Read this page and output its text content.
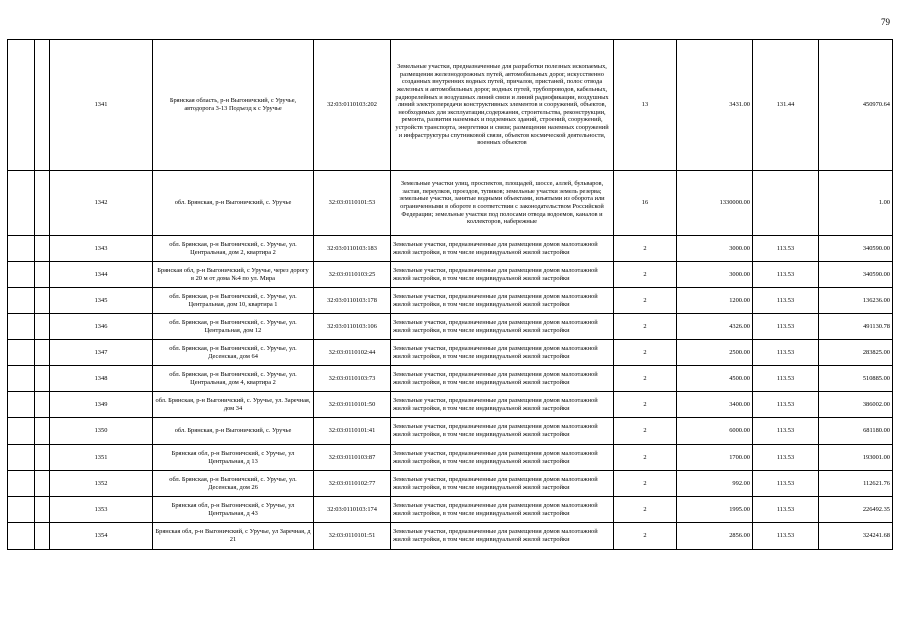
79
		1341	Брянская область, р-н Выгоничский, с Уручье, автодорога 3-13 Подъезд к с Уручье	32:03:0110103:202	Земельные участки, предназначенные для разработки полезных ископаемых, размещения железнодорожных путей, автомобильных дорог, искусственно созданных внутренних водных путей, причалов, пристаней, полос отвода железных и автомобильных дорог, водных путей, трубопроводов, кабельных, радиорелейных и воздушных линий связи и линий радиофикации, воздушных линий электропередачи конструктивных элементов и сооружений, объектов, необходимых для эксплуатации,содержания, строительства, реконструкции, ремонта, развития наземных и подземных зданий, строений, сооружений, устройств транспорта, энергетики и связи; размещения наземных сооружений и инфраструктуры спутниковой связи, объектов космической деятельности, военных объектов	13	3431.00	131.44	450970.64
		1342	обл. Брянская, р-н Выгоничский, с. Уручье	32:03:0110101:53	Земельные участки улиц, проспектов, площадей, шоссе, аллей, бульваров, застав, переулков, проездов, тупиков; земельные участки земель резерва; земельные участки, занятые водными объектами, изъятыми из оборота или ограниченными в обороте в соответствии с законодательством Российской Федерации; земельные участки под полосами отвода водоемов, каналов и коллекторов, набережные	16	1330000.00		1.00
		1343	обл. Брянская, р-н Выгоничский, с. Уручье, ул. Центральная, дом 2, квартира 2	32:03:0110103:183	Земельные участки, предназначенные для размещения домов малоэтажной жилой застройки, в том числе индивидуальной жилой застройки	2	3000.00	113.53	340590.00
		1344	Брянская обл, р-н Выгоничский, с Уручье, через дорогу в 20 м от дома №4 по ул. Мира	32:03:0110103:25	Земельные участки, предназначенные для размещения домов малоэтажной жилой застройки, в том числе индивидуальной жилой застройки	2	3000.00	113.53	340590.00
		1345	обл. Брянская, р-н Выгоничский, с. Уручье, ул. Центральная, дом 10, квартира 1	32:03:0110103:178	Земельные участки, предназначенные для размещения домов малоэтажной жилой застройки, в том числе индивидуальной жилой застройки	2	1200.00	113.53	136236.00
		1346	обл. Брянская, р-н Выгоничский, с. Уручье, ул. Центральная, дом 12	32:03:0110103:106	Земельные участки, предназначенные для размещения домов малоэтажной жилой застройки, в том числе индивидуальной жилой застройки	2	4326.00	113.53	491130.78
		1347	обл. Брянская, р-н Выгоничский, с. Уручье, ул. Десенская, дом 64	32:03:0110102:44	Земельные участки, предназначенные для размещения домов малоэтажной жилой застройки, в том числе индивидуальной жилой застройки	2	2500.00	113.53	283825.00
		1348	обл. Брянская, р-н Выгоничский, с. Уручье, ул. Центральная, дом 4, квартира 2	32:03:0110103:73	Земельные участки, предназначенные для размещения домов малоэтажной жилой застройки, в том числе индивидуальной жилой застройки	2	4500.00	113.53	510885.00
		1349	обл. Брянская, р-н Выгоничский, с. Уручье, ул. Заречная, дом 34	32:03:0110101:50	Земельные участки, предназначенные для размещения домов малоэтажной жилой застройки, в том числе индивидуальной жилой застройки	2	3400.00	113.53	386002.00
		1350	обл. Брянская, р-н Выгоничский, с. Уручье	32:03:0110101:41	Земельные участки, предназначенные для размещения домов малоэтажной жилой застройки, в том числе индивидуальной жилой застройки	2	6000.00	113.53	681180.00
		1351	Брянская обл, р-н Выгоничский, с Уручье, ул Центральная, д 13	32:03:0110103:87	Земельные участки, предназначенные для размещения домов малоэтажной жилой застройки, в том числе индивидуальной жилой застройки	2	1700.00	113.53	193001.00
		1352	обл. Брянская, р-н Выгоничский, с. Уручье, ул. Десенская, дом 26	32:03:0110102:77	Земельные участки, предназначенные для размещения домов малоэтажной жилой застройки, в том числе индивидуальной жилой застройки	2	992.00	113.53	112621.76
		1353	Брянская обл, р-н Выгоничский, с Уручье, ул Центральная, д 43	32:03:0110103:174	Земельные участки, предназначенные для размещения домов малоэтажной жилой застройки, в том числе индивидуальной жилой застройки	2	1995.00	113.53	226492.35
		1354	Брянская обл, р-н Выгоничский, с Уручье, ул Заречная, д 21	32:03:0110101:51	Земельные участки, предназначенные для размещения домов малоэтажной жилой застройки, в том числе индивидуальной жилой застройки	2	2856.00	113.53	324241.68
